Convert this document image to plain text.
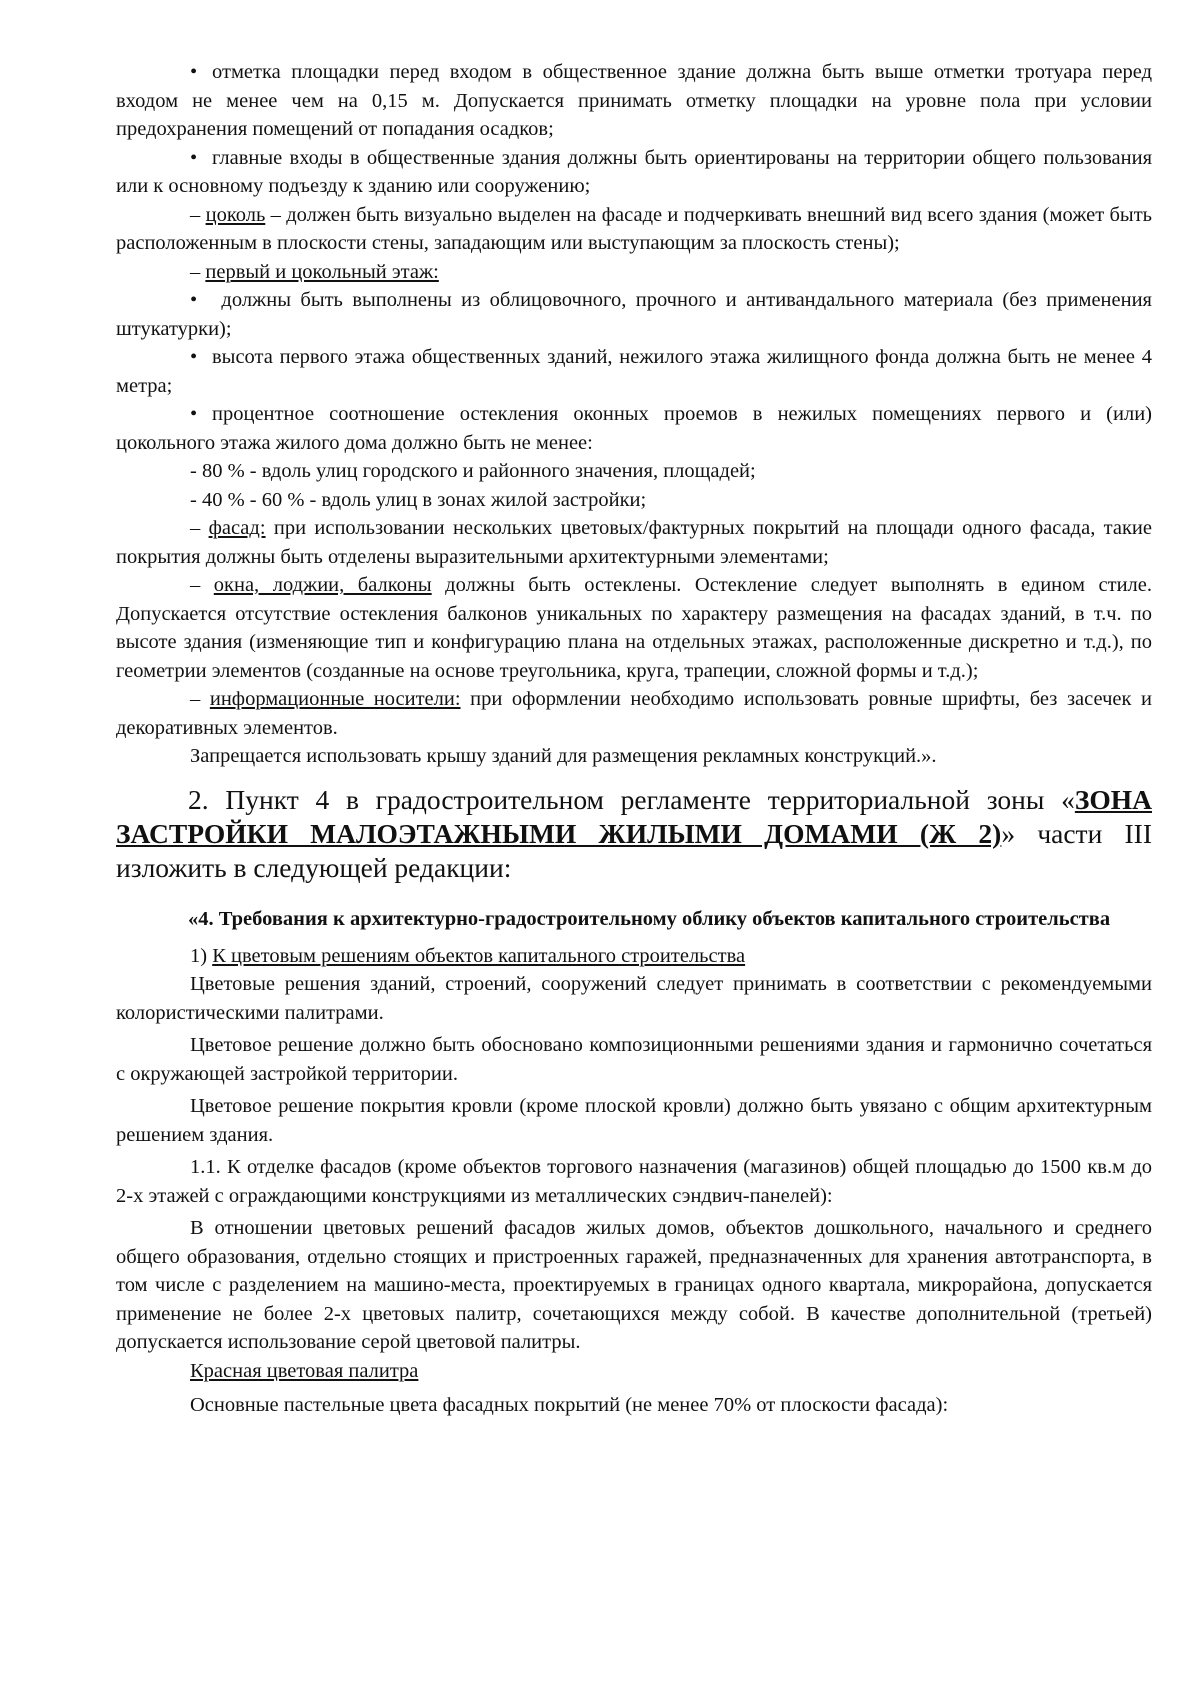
• отметка площадки перед входом в общественное здание должна быть выше отметки тротуара перед входом не менее чем на 0,15 м. Допускается принимать отметку площадки на уровне пола при условии предохранения помещений от попадания осадков;

• главные входы в общественные здания должны быть ориентированы на территории общего пользования или к основному подъезду к зданию или сооружению;

– цоколь – должен быть визуально выделен на фасаде и подчеркивать внешний вид всего здания (может быть расположенным в плоскости стены, западающим или выступающим за плоскость стены);

– первый и цокольный этаж:

• должны быть выполнены из облицовочного, прочного и антивандального материала (без применения штукатурки);

• высота первого этажа общественных зданий, нежилого этажа жилищного фонда должна быть не менее 4 метра;

• процентное соотношение остекления оконных проемов в нежилых помещениях первого и (или) цокольного этажа жилого дома должно быть не менее:

- 80 % - вдоль улиц городского и районного значения, площадей;

- 40 % - 60 % - вдоль улиц в зонах жилой застройки;

– фасад: при использовании нескольких цветовых/фактурных покрытий на площади одного фасада, такие покрытия должны быть отделены выразительными архитектурными элементами;

– окна, лоджии, балконы должны быть остеклены. Остекление следует выполнять в едином стиле. Допускается отсутствие остекления балконов уникальных по характеру размещения на фасадах зданий, в т.ч. по высоте здания (изменяющие тип и конфигурацию плана на отдельных этажах, расположенные дискретно и т.д.), по геометрии элементов (созданные на основе треугольника, круга, трапеции, сложной формы и т.д.);

– информационные носители: при оформлении необходимо использовать ровные шрифты, без засечек и декоративных элементов.

Запрещается использовать крышу зданий для размещения рекламных конструкций.».

2. Пункт 4 в градостроительном регламенте территориальной зоны «ЗОНА ЗАСТРОЙКИ МАЛОЭТАЖНЫМИ ЖИЛЫМИ ДОМАМИ (Ж 2)» части III изложить в следующей редакции:

«4. Требования к архитектурно-градостроительному облику объектов капитального строительства

1) К цветовым решениям объектов капитального строительства

Цветовые решения зданий, строений, сооружений следует принимать в соответствии с рекомендуемыми колористическими палитрами.

Цветовое решение должно быть обосновано композиционными решениями здания и гармонично сочетаться с окружающей застройкой территории.

Цветовое решение покрытия кровли (кроме плоской кровли) должно быть увязано с общим архитектурным решением здания.

1.1. К отделке фасадов (кроме объектов торгового назначения (магазинов) общей площадью до 1500 кв.м до 2-х этажей с ограждающими конструкциями из металлических сэндвич-панелей):

В отношении цветовых решений фасадов жилых домов, объектов дошкольного, начального и среднего общего образования, отдельно стоящих и пристроенных гаражей, предназначенных для хранения автотранспорта, в том числе с разделением на машино-места, проектируемых в границах одного квартала, микрорайона, допускается применение не более 2-х цветовых палитр, сочетающихся между собой. В качестве дополнительной (третьей) допускается использование серой цветовой палитры.

Красная цветовая палитра

Основные пастельные цвета фасадных покрытий (не менее 70% от плоскости фасада):
